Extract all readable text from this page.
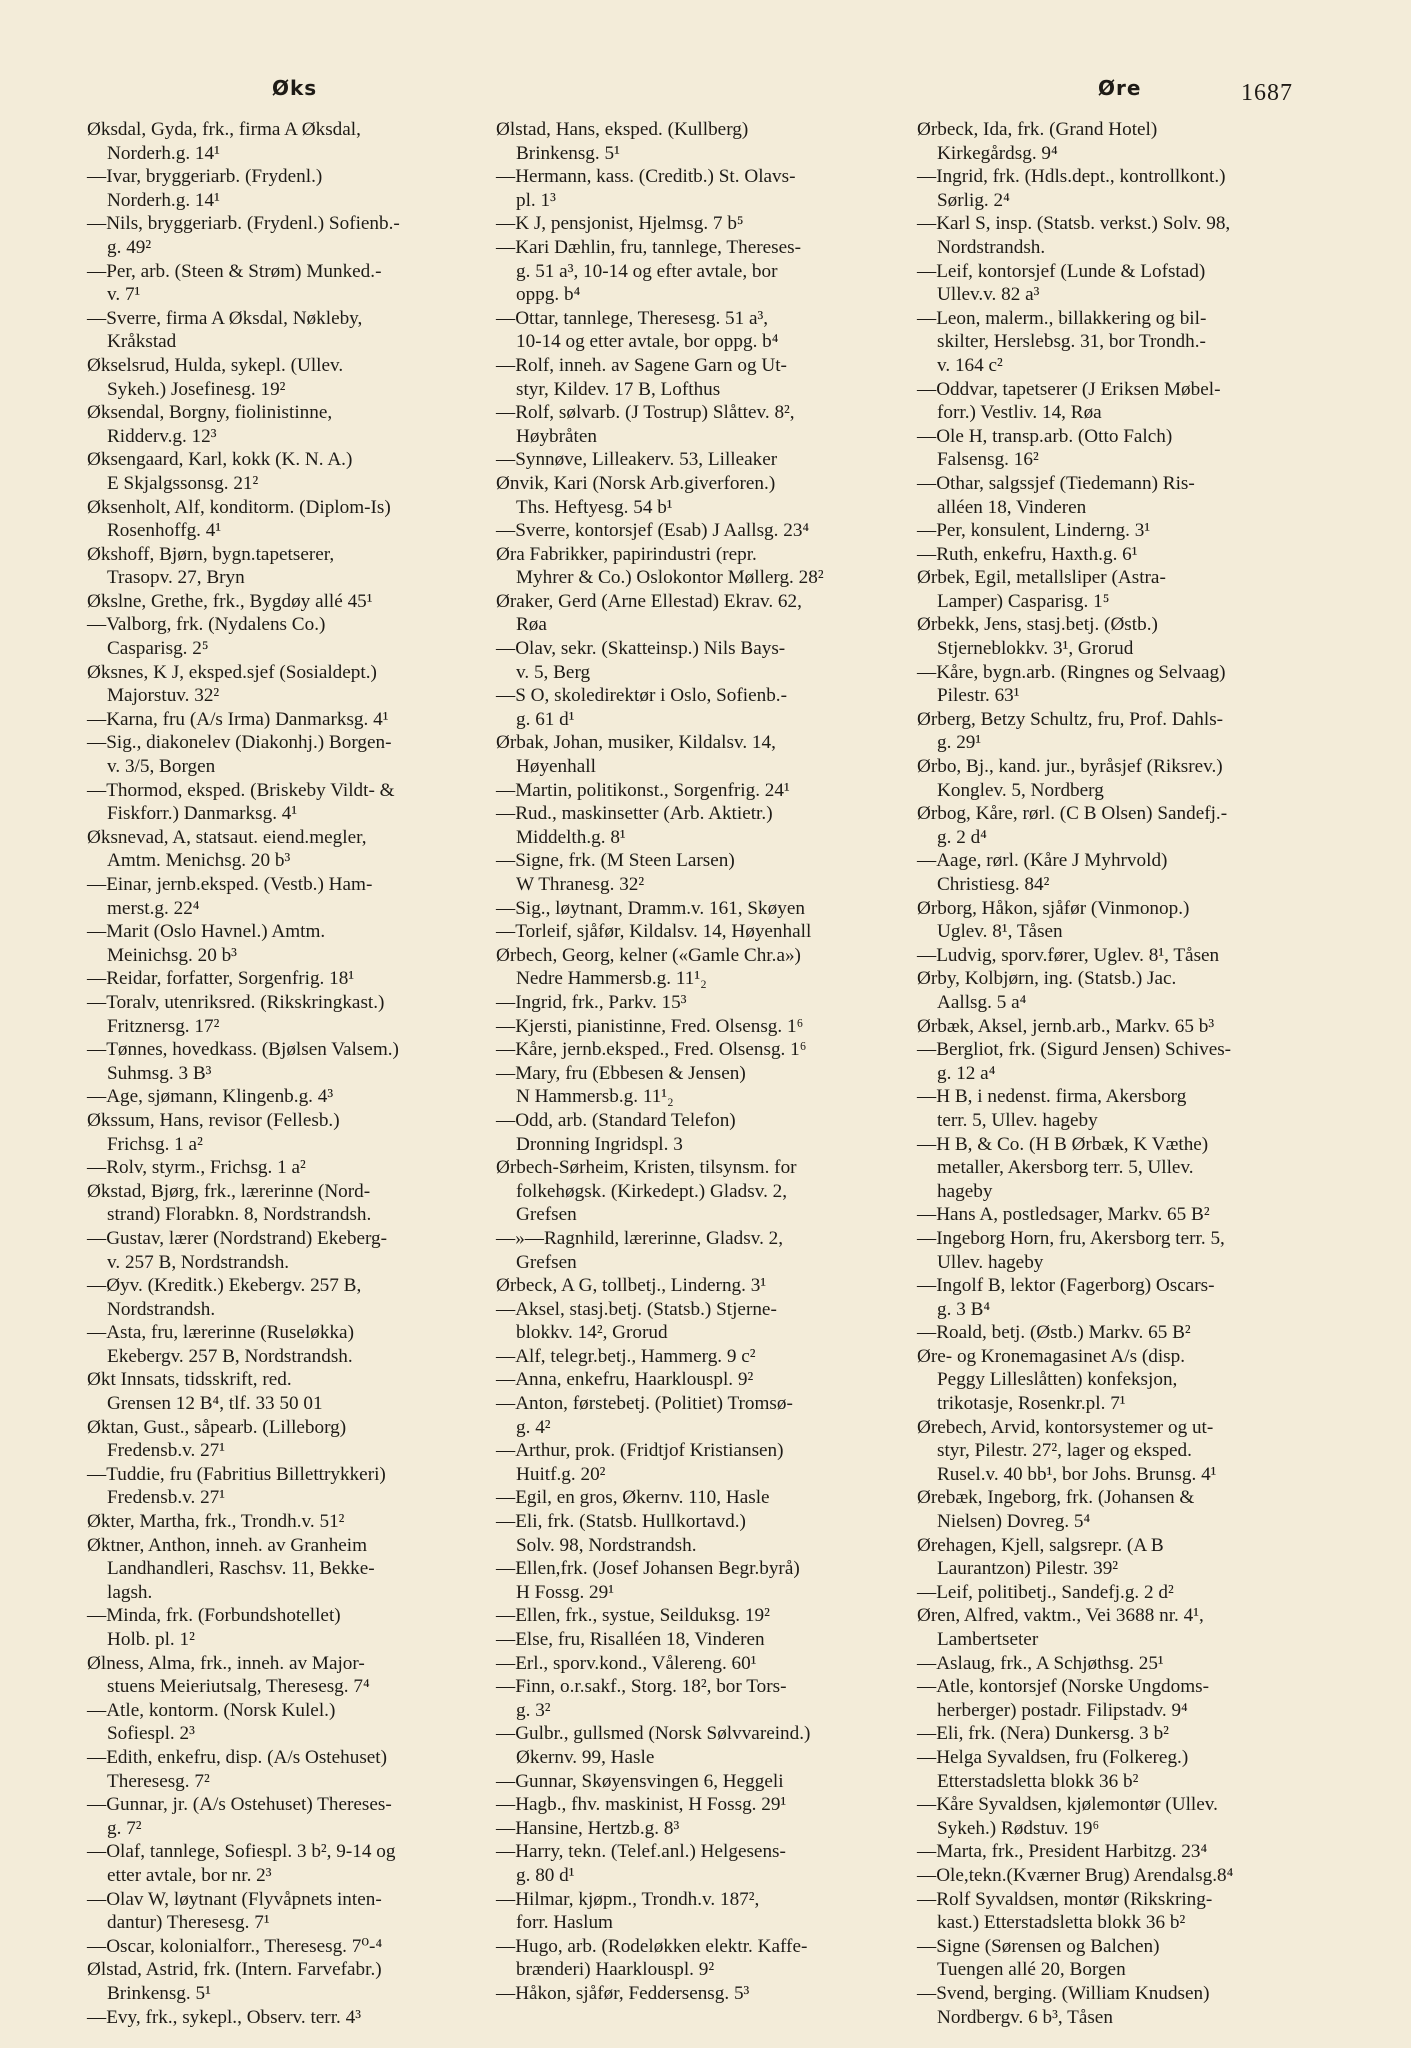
Øks	Øre	1687
Øksdal, Gyda, frk., firma A Øksdal,
Norderh.g. 14¹
—Ivar, bryggeriarb. (Frydenl.)
Norderh.g. 14¹
—Nils, bryggeriarb. (Frydenl.) Sofienb.-
g. 49²
—Per, arb. (Steen & Strøm) Munked.-
v. 7¹
—Sverre, firma A Øksdal, Nøkleby,
Kråkstad
Økselsrud, Hulda, sykepl. (Ullev.
Sykeh.) Josefinesg. 19²
Øksendal, Borgny, fiolinistinne,
Ridderv.g. 12³
Øksengaard, Karl, kokk (K. N. A.)
E Skjalgssonsg. 21²
Øksenholt, Alf, konditorm. (Diplom-Is)
Rosenhoffg. 4¹
Økshoff, Bjørn, bygn.tapetserer,
Trasopv. 27, Bryn
Økslne, Grethe, frk., Bygdøy allé 45¹
—Valborg, frk. (Nydalens Co.)
Casparisg. 2⁵
Øksnes, K J, eksped.sjef (Sosialdept.)
Majorstuv. 32²
—Karna, fru (A/s Irma) Danmarksg. 4¹
—Sig., diakonelev (Diakonhj.) Borgen-
v. 3/5, Borgen
—Thormod, eksped. (Briskeby Vildt- &
Fiskforr.) Danmarksg. 4¹
Øksnevad, A, statsaut. eiend.megler,
Amtm. Menichsg. 20 b³
—Einar, jernb.eksped. (Vestb.) Ham-
merst.g. 22⁴
—Marit (Oslo Havnel.) Amtm.
Meinichsg. 20 b³
—Reidar, forfatter, Sorgenfrig. 18¹
—Toralv, utenriksred. (Rikskringkast.)
Fritznersg. 17²
—Tønnes, hovedkass. (Bjølsen Valsem.)
Suhmsg. 3 B³
—Age, sjømann, Klingenb.g. 4³
Økssum, Hans, revisor (Fellesb.)
Frichsg. 1 a²
—Rolv, styrm., Frichsg. 1 a²
Økstad, Bjørg, frk., lærerinne (Nord-
strand) Florabkn. 8, Nordstrandsh.
—Gustav, lærer (Nordstrand) Ekeberg-
v. 257 B, Nordstrandsh.
—Øyv. (Kreditk.) Ekebergv. 257 B,
Nordstrandsh.
—Asta, fru, lærerinne (Ruseløkka)
Ekebergv. 257 B, Nordstrandsh.
Økt Innsats, tidsskrift, red.
Grensen 12 B⁴, tlf. 33 50 01
Øktan, Gust., såpearb. (Lilleborg)
Fredensb.v. 27¹
—Tuddie, fru (Fabritius Billettrykkeri)
Fredensb.v. 27¹
Økter, Martha, frk., Trondh.v. 51²
Øktner, Anthon, inneh. av Granheim
Landhandleri, Raschsv. 11, Bekke-
lagsh.
—Minda, frk. (Forbundshotellet)
Holb. pl. 1²
Ølness, Alma, frk., inneh. av Major-
stuens Meieriutsalg, Theresesg. 7⁴
—Atle, kontorm. (Norsk Kulel.)
Sofiespl. 2³
—Edith, enkefru, disp. (A/s Ostehuset)
Theresesg. 7²
—Gunnar, jr. (A/s Ostehuset) Thereses-
g. 7²
—Olaf, tannlege, Sofiespl. 3 b², 9-14 og
etter avtale, bor nr. 2³
—Olav W, løytnant (Flyvåpnets inten-
dantur) Theresesg. 7¹
—Oscar, kolonialforr., Theresesg. 7⁰-⁴
Ølstad, Astrid, frk. (Intern. Farvefabr.)
Brinkensg. 5¹
—Evy, frk., sykepl., Observ. terr. 4³
Ølstad, Hans, eksped. (Kullberg)
Brinkensg. 5¹
—Hermann, kass. (Creditb.) St. Olavs-
pl. 1³
—K J, pensjonist, Hjelmsg. 7 b⁵
—Kari Dæhlin, fru, tannlege, Thereses-
g. 51 a³, 10-14 og efter avtale, bor
oppg. b⁴
—Ottar, tannlege, Theresesg. 51 a³,
10-14 og etter avtale, bor oppg. b⁴
—Rolf, inneh. av Sagene Garn og Ut-
styr, Kildev. 17 B, Lofthus
—Rolf, sølvarb. (J Tostrup) Slåttev. 8²,
Høybråten
—Synnøve, Lilleakerv. 53, Lilleaker
Ønvik, Kari (Norsk Arb.giverforen.)
Ths. Heftyesg. 54 b¹
—Sverre, kontorsjef (Esab) J Aallsg. 23⁴
Øra Fabrikker, papirindustri (repr.
Myhrer & Co.) Oslokontor Møllerg. 28²
Øraker, Gerd (Arne Ellestad) Ekrav. 62,
Røa
—Olav, sekr. (Skatteinsp.) Nils Bays-
v. 5, Berg
—S O, skoledirektør i Oslo, Sofienb.-
g. 61 d¹
Ørbak, Johan, musiker, Kildalsv. 14,
Høyenhall
—Martin, politikonst., Sorgenfrig. 24¹
—Rud., maskinsetter (Arb. Aktietr.)
Middelth.g. 8¹
—Signe, frk. (M Steen Larsen)
W Thranesg. 32²
—Sig., løytnant, Dramm.v. 161, Skøyen
—Torleif, sjåfør, Kildalsv. 14, Høyenhall
Ørbech, Georg, kelner («Gamle Chr.a»)
Nedre Hammersb.g. 11¹₂
—Ingrid, frk., Parkv. 15³
—Kjersti, pianistinne, Fred. Olsensg. 1⁶
—Kåre, jernb.eksped., Fred. Olsensg. 1⁶
—Mary, fru (Ebbesen & Jensen)
N Hammersb.g. 11¹₂
—Odd, arb. (Standard Telefon)
Dronning Ingridspl. 3
Ørbech-Sørheim, Kristen, tilsynsm. for
folkehøgsk. (Kirkedept.) Gladsv. 2,
Grefsen
—»—Ragnhild, lærerinne, Gladsv. 2,
Grefsen
Ørbeck, A G, tollbetj., Linderng. 3¹
—Aksel, stasj.betj. (Statsb.) Stjerne-
blokkv. 14², Grorud
—Alf, telegr.betj., Hammerg. 9 c²
—Anna, enkefru, Haarklouspl. 9²
—Anton, førstebetj. (Politiet) Tromsø-
g. 4²
—Arthur, prok. (Fridtjof Kristiansen)
Huitf.g. 20²
—Egil, en gros, Økernv. 110, Hasle
—Eli, frk. (Statsb. Hullkortavd.)
Solv. 98, Nordstrandsh.
—Ellen,frk. (Josef Johansen Begr.byrå)
H Fossg. 29¹
—Ellen, frk., systue, Seilduksg. 19²
—Else, fru, Risalléen 18, Vinderen
—Erl., sporv.kond., Vålereng. 60¹
—Finn, o.r.sakf., Storg. 18², bor Tors-
g. 3²
—Gulbr., gullsmed (Norsk Sølvvareind.)
Økernv. 99, Hasle
—Gunnar, Skøyensvingen 6, Heggeli
—Hagb., fhv. maskinist, H Fossg. 29¹
—Hansine, Hertzb.g. 8³
—Harry, tekn. (Telef.anl.) Helgesens-
g. 80 d¹
—Hilmar, kjøpm., Trondh.v. 187²,
forr. Haslum
—Hugo, arb. (Rodeløkken elektr. Kaffe-
brænderi) Haarklouspl. 9²
—Håkon, sjåfør, Feddersensg. 5³
Ørbeck, Ida, frk. (Grand Hotel)
Kirkegårdsg. 9⁴
—Ingrid, frk. (Hdls.dept., kontrollkont.)
Sørlig. 2⁴
—Karl S, insp. (Statsb. verkst.) Solv. 98,
Nordstrandsh.
—Leif, kontorsjef (Lunde & Lofstad)
Ullev.v. 82 a³
—Leon, malerm., billakkering og bil-
skilter, Herslebsg. 31, bor Trondh.-
v. 164 c²
—Oddvar, tapetserer (J Eriksen Møbel-
forr.) Vestliv. 14, Røa
—Ole H, transp.arb. (Otto Falch)
Falsensg. 16²
—Othar, salgssjef (Tiedemann) Ris-
alléen 18, Vinderen
—Per, konsulent, Linderng. 3¹
—Ruth, enkefru, Haxth.g. 6¹
Ørbek, Egil, metallsliper (Astra-
Lamper) Casparisg. 1⁵
Ørbekk, Jens, stasj.betj. (Østb.)
Stjerneblokkv. 3¹, Grorud
—Kåre, bygn.arb. (Ringnes og Selvaag)
Pilestr. 63¹
Ørberg, Betzy Schultz, fru, Prof. Dahls-
g. 29¹
Ørbo, Bj., kand. jur., byråsjef (Riksrev.)
Konglev. 5, Nordberg
Ørbog, Kåre, rørl. (C B Olsen) Sandefj.-
g. 2 d⁴
—Aage, rørl. (Kåre J Myhrvold)
Christiesg. 84²
Ørborg, Håkon, sjåfør (Vinmonop.)
Uglev. 8¹, Tåsen
—Ludvig, sporv.fører, Uglev. 8¹, Tåsen
Ørby, Kolbjørn, ing. (Statsb.) Jac.
Aallsg. 5 a⁴
Ørbæk, Aksel, jernb.arb., Markv. 65 b³
—Bergliot, frk. (Sigurd Jensen) Schives-
g. 12 a⁴
—H B, i nedenst. firma, Akersborg
terr. 5, Ullev. hageby
—H B, & Co. (H B Ørbæk, K Væthe)
metaller, Akersborg terr. 5, Ullev.
hageby
—Hans A, postledsager, Markv. 65 B²
—Ingeborg Horn, fru, Akersborg terr. 5,
Ullev. hageby
—Ingolf B, lektor (Fagerborg) Oscars-
g. 3 B⁴
—Roald, betj. (Østb.) Markv. 65 B²
Øre- og Kronemagasinet A/s (disp.
Peggy Lilleslåtten) konfeksjon,
trikotasje, Rosenkr.pl. 7¹
Ørebech, Arvid, kontorsystemer og ut-
styr, Pilestr. 27², lager og eksped.
Rusel.v. 40 bb¹, bor Johs. Brunsg. 4¹
Ørebæk, Ingeborg, frk. (Johansen &
Nielsen) Dovreg. 5⁴
Ørehagen, Kjell, salgsrepr. (A B
Laurantzon) Pilestr. 39²
—Leif, politibetj., Sandefj.g. 2 d²
Øren, Alfred, vaktm., Vei 3688 nr. 4¹,
Lambertseter
—Aslaug, frk., A Schjøthsg. 25¹
—Atle, kontorsjef (Norske Ungdoms-
herberger) postadr. Filipstadv. 9⁴
—Eli, frk. (Nera) Dunkersg. 3 b²
—Helga Syvaldsen, fru (Folkereg.)
Etterstadsletta blokk 36 b²
—Kåre Syvaldsen, kjølemontør (Ullev.
Sykeh.) Rødstuv. 19⁶
—Marta, frk., President Harbitzg. 23⁴
—Ole,tekn.(Kværner Brug) Arendalsg.8⁴
—Rolf Syvaldsen, montør (Rikskring-
kast.) Etterstadsletta blokk 36 b²
—Signe (Sørensen og Balchen)
Tuengen allé 20, Borgen
—Svend, berging. (William Knudsen)
Nordbergv. 6 b³, Tåsen
